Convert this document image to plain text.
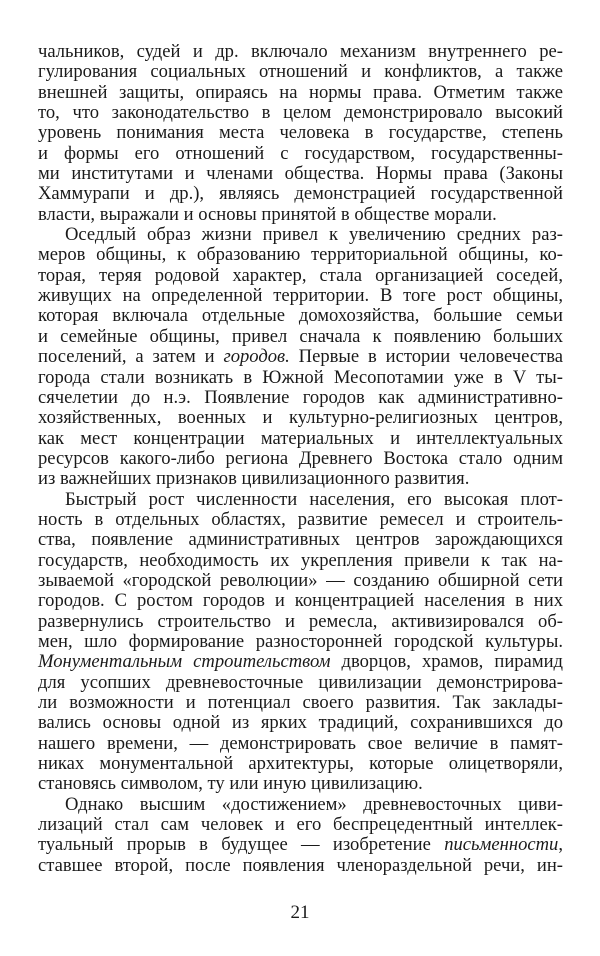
чальников, судей и др. включало механизм внутреннего ре-
гулирования социальных отношений и конфликтов, а также
внешней защиты, опираясь на нормы права. Отметим также
то, что законодательство в целом демонстрировало высокий
уровень понимания места человека в государстве, степень
и формы его отношений с государством, государственны-
ми институтами и членами общества. Нормы права (Законы
Хаммурапи и др.), являясь демонстрацией государственной
власти, выражали и основы принятой в обществе морали.
Оседлый образ жизни привел к увеличению средних раз-
меров общины, к образованию территориальной общины, ко-
торая, теряя родовой характер, стала организацией соседей,
живущих на определенной территории. В тоге рост общины,
которая включала отдельные домохозяйства, большие семьи
и семейные общины, привел сначала к появлению больших
поселений, а затем и городов. Первые в истории человечества
города стали возникать в Южной Месопотамии уже в V ты-
сячелетии до н.э. Появление городов как административно-
хозяйственных, военных и культурно-религиозных центров,
как мест концентрации материальных и интеллектуальных
ресурсов какого-либо региона Древнего Востока стало одним
из важнейших признаков цивилизационного развития.
Быстрый рост численности населения, его высокая плот-
ность в отдельных областях, развитие ремесел и строитель-
ства, появление административных центров зарождающихся
государств, необходимость их укрепления привели к так на-
зываемой «городской революции» — созданию обширной сети
городов. С ростом городов и концентрацией населения в них
развернулись строительство и ремесла, активизировался об-
мен, шло формирование разносторонней городской культуры.
Монументальным строительством дворцов, храмов, пирамид
для усопших древневосточные цивилизации демонстрирова-
ли возможности и потенциал своего развития. Так заклады-
вались основы одной из ярких традиций, сохранившихся до
нашего времени, — демонстрировать свое величие в памят-
никах монументальной архитектуры, которые олицетворяли,
становясь символом, ту или иную цивилизацию.
Однако высшим «достижением» древневосточных циви-
лизаций стал сам человек и его беспрецедентный интеллек-
туальный прорыв в будущее — изобретение письменности,
ставшее второй, после появления членораздельной речи, ин-
21
